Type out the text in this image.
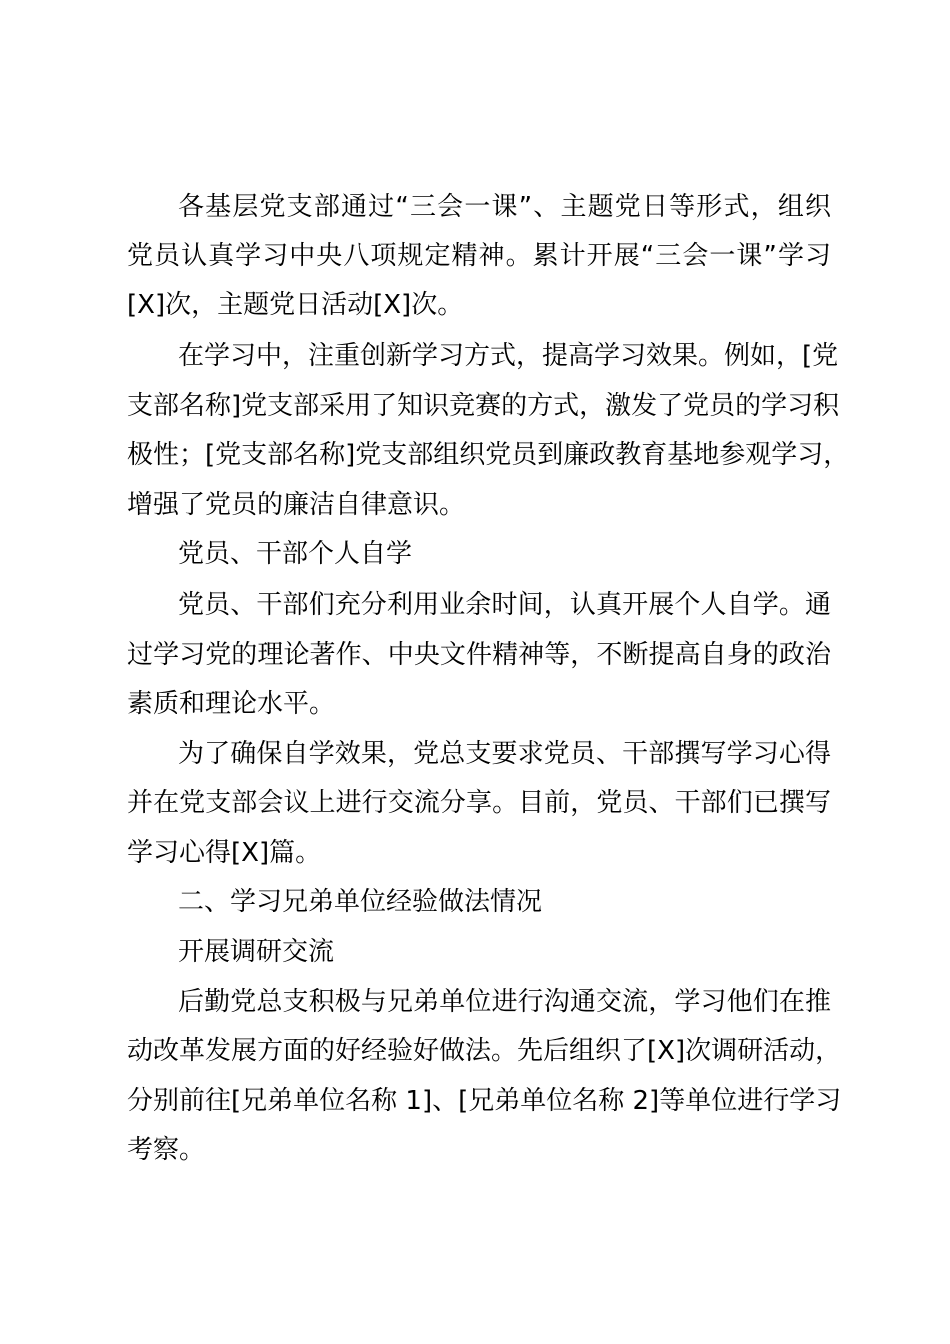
各基层党支部通过“三会一课”、主题党日等形式，组织

党员认真学习中央八项规定精神。累计开展“三会一课”学习

[X]次，主题党日活动[X]次。

在学习中，注重创新学习方式，提高学习效果。例如，[党

支部名称]党支部采用了知识竞赛的方式，激发了党员的学习积

极性；[党支部名称]党支部组织党员到廉政教育基地参观学习，

增强了党员的廉洁自律意识。

党员、干部个人自学

党员、干部们充分利用业余时间，认真开展个人自学。通

过学习党的理论著作、中央文件精神等，不断提高自身的政治

素质和理论水平。

为了确保自学效果，党总支要求党员、干部撰写学习心得

并在党支部会议上进行交流分享。目前，党员、干部们已撰写

学习心得[X]篇。

二、学习兄弟单位经验做法情况

开展调研交流

后勤党总支积极与兄弟单位进行沟通交流，学习他们在推

动改革发展方面的好经验好做法。先后组织了[X]次调研活动，

分别前往[兄弟单位名称 1]、[兄弟单位名称 2]等单位进行学习

考察。
